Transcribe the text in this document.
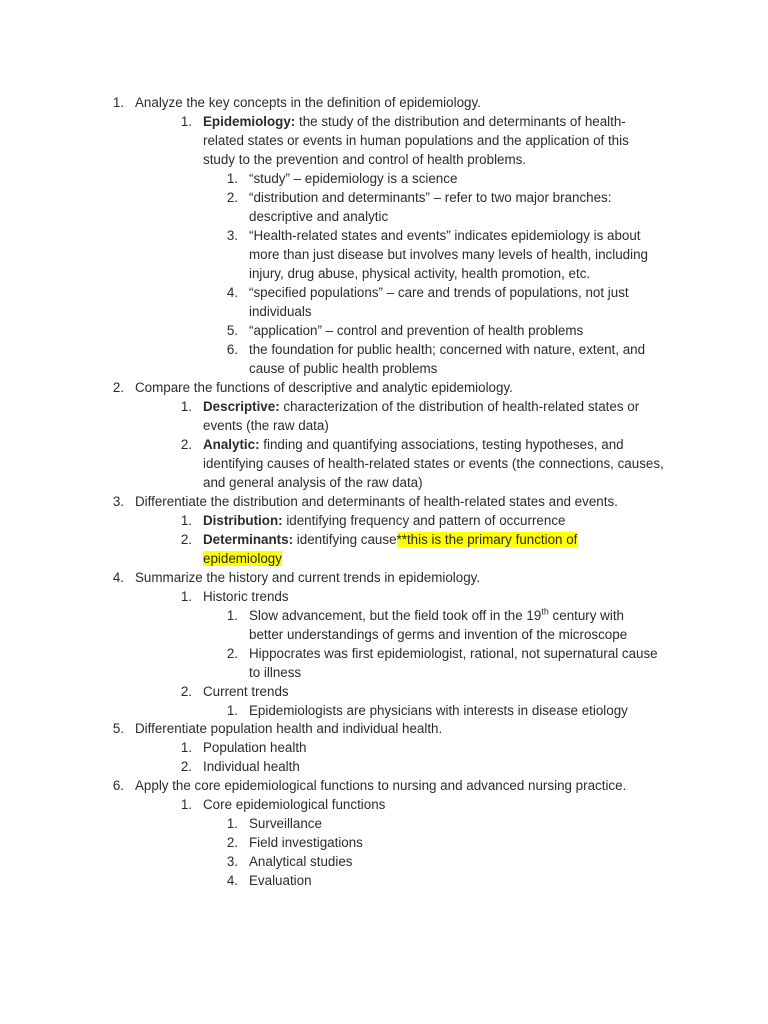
1. Analyze the key concepts in the definition of epidemiology.
1. Epidemiology: the study of the distribution and determinants of health-
related states or events in human populations and the application of this
study to the prevention and control of health problems.
1. “study” – epidemiology is a science
2. “distribution and determinants” – refer to two major branches:
descriptive and analytic
3. “Health-related states and events” indicates epidemiology is about
more than just disease but involves many levels of health, including
injury, drug abuse, physical activity, health promotion, etc.
4. “specified populations” – care and trends of populations, not just
individuals
5. “application” – control and prevention of health problems
6. the foundation for public health; concerned with nature, extent, and
cause of public health problems
2. Compare the functions of descriptive and analytic epidemiology.
1. Descriptive: characterization of the distribution of health-related states or
events (the raw data)
2. Analytic: finding and quantifying associations, testing hypotheses, and
identifying causes of health-related states or events (the connections, causes,
and general analysis of the raw data)
3. Differentiate the distribution and determinants of health-related states and events.
1. Distribution: identifying frequency and pattern of occurrence
2. Determinants: identifying cause**this is the primary function of
epidemiology
4. Summarize the history and current trends in epidemiology.
1. Historic trends
1. Slow advancement, but the field took off in the 19th century with
better understandings of germs and invention of the microscope
2. Hippocrates was first epidemiologist, rational, not supernatural cause
to illness
2. Current trends
1. Epidemiologists are physicians with interests in disease etiology
5. Differentiate population health and individual health.
1. Population health
2. Individual health
6. Apply the core epidemiological functions to nursing and advanced nursing practice.
1. Core epidemiological functions
1. Surveillance
2. Field investigations
3. Analytical studies
4. Evaluation
